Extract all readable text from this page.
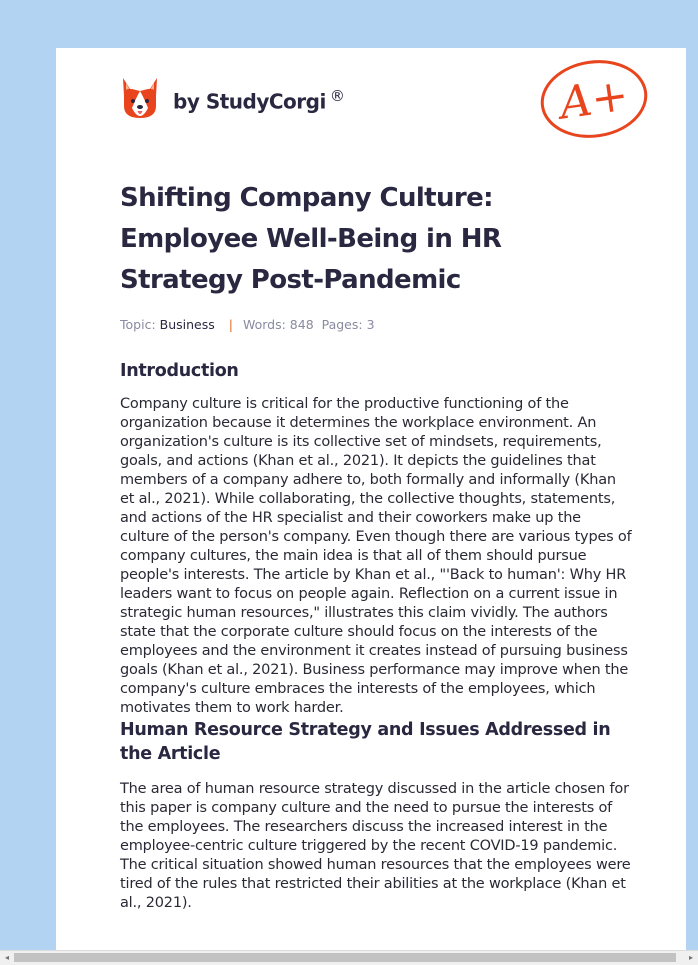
by StudyCorgi ®	A+
Shifting Company Culture: Employee Well-Being in HR Strategy Post-Pandemic
Topic: Business | Words: 848 Pages: 3
Introduction

Company culture is critical for the productive functioning of the organization because it determines the workplace environment. An organization's culture is its collective set of mindsets, requirements, goals, and actions (Khan et al., 2021). It depicts the guidelines that members of a company adhere to, both formally and informally (Khan et al., 2021). While collaborating, the collective thoughts, statements, and actions of the HR specialist and their coworkers make up the culture of the person's company. Even though there are various types of company cultures, the main idea is that all of them should pursue people's interests. The article by Khan et al., "'Back to human': Why HR leaders want to focus on people again. Reflection on a current issue in strategic human resources," illustrates this claim vividly. The authors state that the corporate culture should focus on the interests of the employees and the environment it creates instead of pursuing business goals (Khan et al., 2021). Business performance may improve when the company's culture embraces the interests of the employees, which motivates them to work harder.

Human Resource Strategy and Issues Addressed in the Article

The area of human resource strategy discussed in the article chosen for this paper is company culture and the need to pursue the interests of the employees. The researchers discuss the increased interest in the employee-centric culture triggered by the recent COVID-19 pandemic. The critical situation showed human resources that the employees were tired of the rules that restricted their abilities at the workplace (Khan et al., 2021).

◂	▸
